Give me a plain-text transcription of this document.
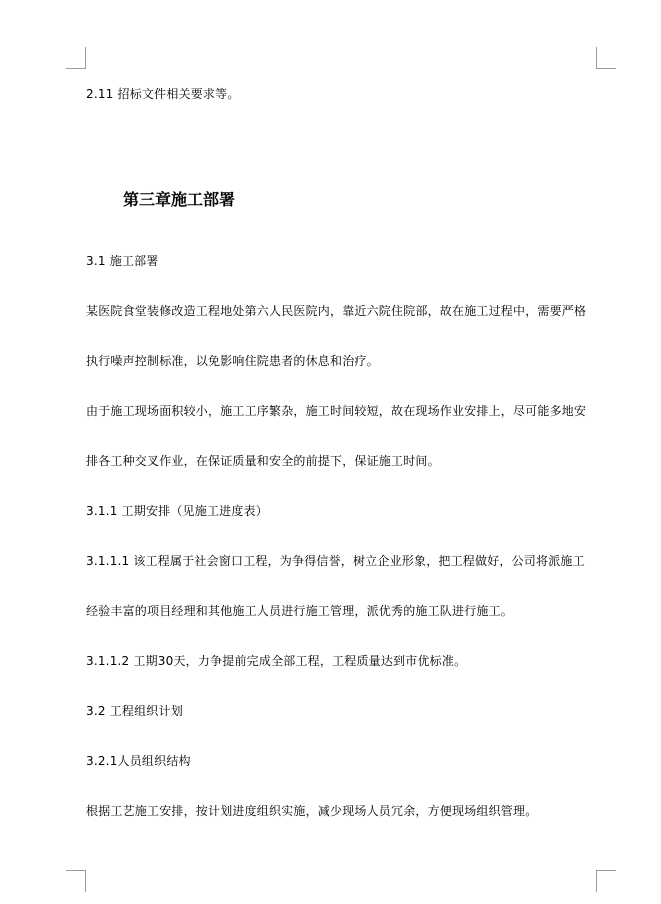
2.11 招标文件相关要求等。
第三章施工部署
3.1 施工部署
某医院食堂装修改造工程地处第六人民医院内，靠近六院住院部，故在施工过程中，需要严格
执行噪声控制标准，以免影响住院患者的休息和治疗。
由于施工现场面积较小，施工工序繁杂，施工时间较短，故在现场作业安排上，尽可能多地安
排各工种交叉作业，在保证质量和安全的前提下，保证施工时间。
3.1.1 工期安排（见施工进度表）
3.1.1.1 该工程属于社会窗口工程，为争得信誉，树立企业形象，把工程做好，公司将派施工
经验丰富的项目经理和其他施工人员进行施工管理，派优秀的施工队进行施工。
3.1.1.2 工期30天，力争提前完成全部工程，工程质量达到市优标准。
3.2 工程组织计划
3.2.1人员组织结构
根据工艺施工安排，按计划进度组织实施，减少现场人员冗余，方便现场组织管理。
